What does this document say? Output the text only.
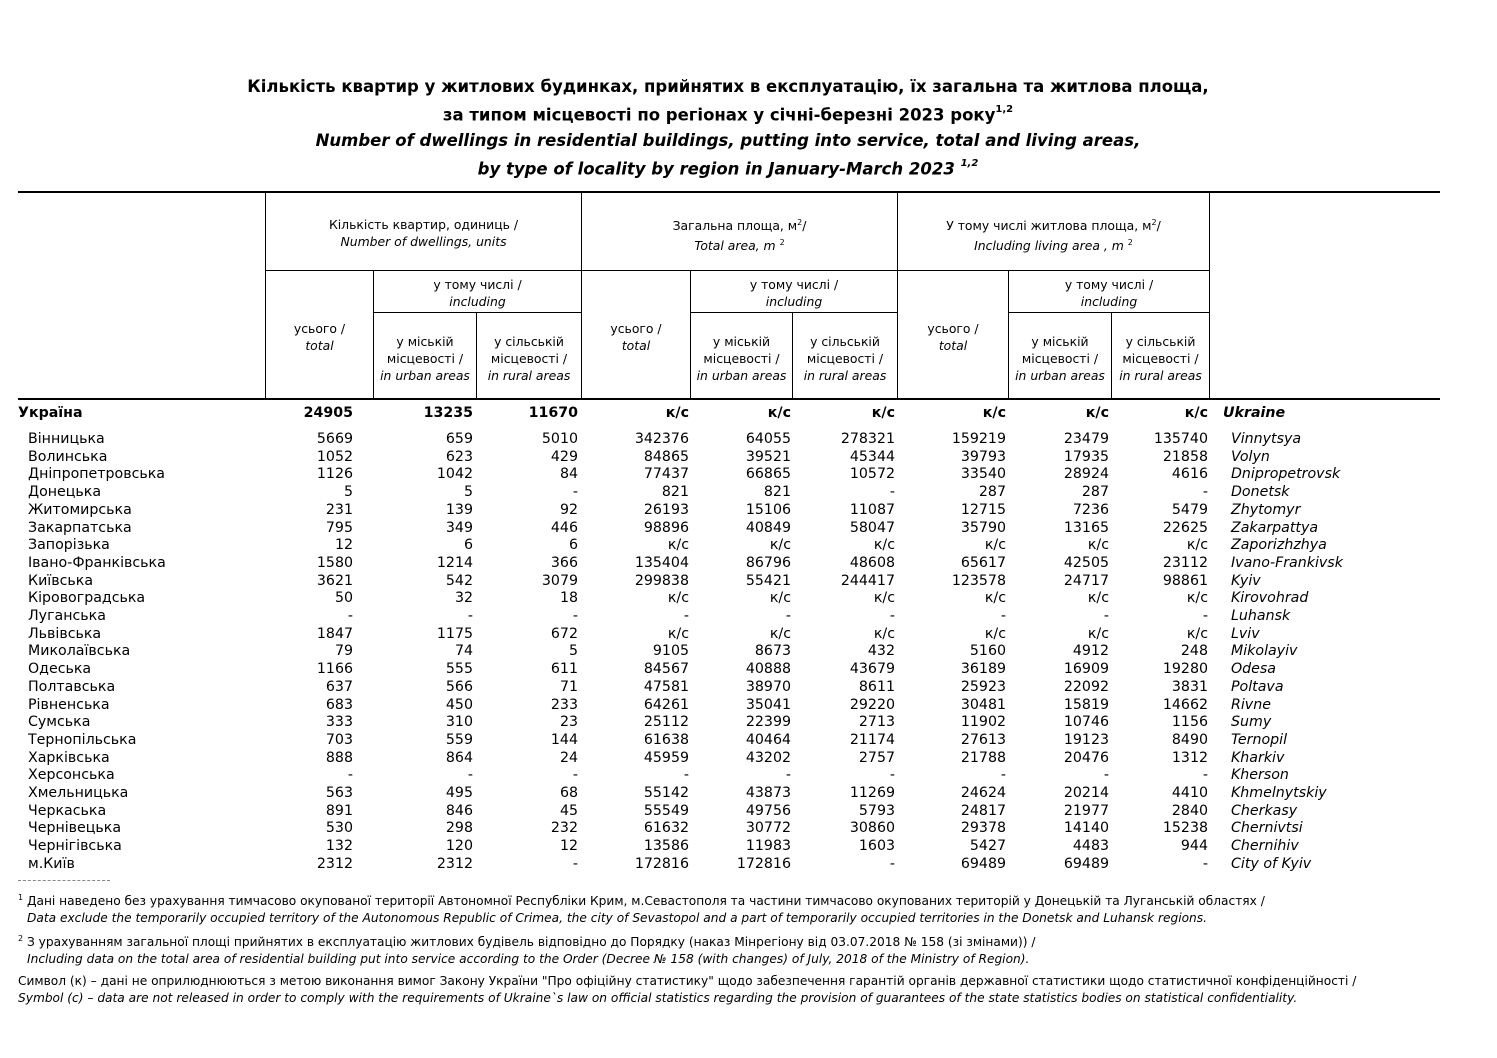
Кількість квартир у житлових будинках, прийнятих в експлуатацію, їх загальна та житлова площа,
за типом місцевості по регіонах у січні-березні 2023 року$^{1,2}$
Number of dwellings in residential buildings, putting into service, total and living areas,
by type of locality by region in January-March 2023 $^{1,2}$
Кількість квартир, одиниць /
Number of dwellings, units
Загальна площа, $м^2/$
Total area, m $^2$
У тому числі житлова площа, $м^2/$
Including living area , m $^2$
у тому числі /
including
у тому числі /
including
у тому числі /
including
усього /
total
усього /
total
усього /
total
у міській
місцевості /
in urban areas
у сільській
місцевості /
in rural areas
у міській
місцевості /
in urban areas
у сільській
місцевості /
in rural areas
у міській
місцевості /
in urban areas
у сільській
місцевості /
in rural areas
Україна	24905	13235	11670	к/с	к/с	к/с	к/с	к/с	к/с Ukraine
Вінницька	5669	659	5010	342376	64055	278321	159219	23479	135740 Vinnytsya
Волинська	1052	623	429	84865	39521	45344	39793	17935	21858 Volyn
Дніпропетровська	1126	1042	84	77437	66865	10572	33540	28924	4616 Dnipropetrovsk
Донецька	5	5	-	821	821	-	287	287	- Donetsk
Житомирська	231	139	92	26193	15106	11087	12715	7236	5479 Zhytomyr
Закарпатська	795	349	446	98896	40849	58047	35790	13165	22625 Zakarpattya
Запорізька	12	6	6	к/с	к/с	к/с	к/с	к/с	к/с Zaporizhzhya
Івано-Франківська	1580	1214	366	135404	86796	48608	65617	42505	23112 Ivano-Frankivsk
Київська	3621	542	3079	299838	55421	244417	123578	24717	98861 Kyiv
Кіровоградська	50	32	18	к/с	к/с	к/с	к/с	к/с	к/с Kirovohrad
Луганська	-	-	-	-	-	-	-	-	- Luhansk
Львівська	1847	1175	672	к/с	к/с	к/с	к/с	к/с	к/с Lviv
Миколаївська	79	74	5	9105	8673	432	5160	4912	248 Mikolayiv
Одеська	1166	555	611	84567	40888	43679	36189	16909	19280 Odesa
Полтавська	637	566	71	47581	38970	8611	25923	22092	3831 Poltava
Рівненська	683	450	233	64261	35041	29220	30481	15819	14662 Rivne
Сумська	333	310	23	25112	22399	2713	11902	10746	1156 Sumy
Тернопільська	703	559	144	61638	40464	21174	27613	19123	8490 Ternopil
Харківська	888	864	24	45959	43202	2757	21788	20476	1312 Kharkiv
Херсонська	-	-	-	-	-	-	-	-	- Kherson
Хмельницька	563	495	68	55142	43873	11269	24624	20214	4410 Khmelnytskiy
Черкаська	891	846	45	55549	49756	5793	24817	21977	2840 Cherkasy
Чернівецька	530	298	232	61632	30772	30860	29378	14140	15238 Chernivtsi
Чернігівська	132	120	12	13586	11983	1603	5427	4483	944 Chernihiv
м.Київ	2312	2312	-	172816	172816	-	69489	69489	- City of Kyiv
$^1$ Дані наведено без урахування тимчасово окупованої території Автономної Республіки Крим, м.Севастополя та частини тимчасово окупованих територій у Донецькій та Луганській областях /
Data exclude the temporarily occupied territory of the Autonomous Republic of Crimea, the city of Sevastopol and a part of temporarily occupied territories in the Donetsk and Luhansk regions.
$^2$ З урахуванням загальної площі прийнятих в експлуатацію житлових будівель відповідно до Порядку (наказ Мінрегіону від 03.07.2018 № 158 (зі змінами)) /
Including data on the total area of residential building put into service according to the Order (Decree № 158 (with changes) of July, 2018 of the Ministry of Region).
Символ (к) – дані не оприлюднюються з метою виконання вимог Закону України "Про офіційну статистику" щодо забезпечення гарантій органів державної статистики щодо статистичної конфіденційності /
Symbol (c) – data are not released in order to comply with the requirements of Ukraine`s law on official statistics regarding the provision of guarantees of the state statistics bodies on statistical confidentiality.
